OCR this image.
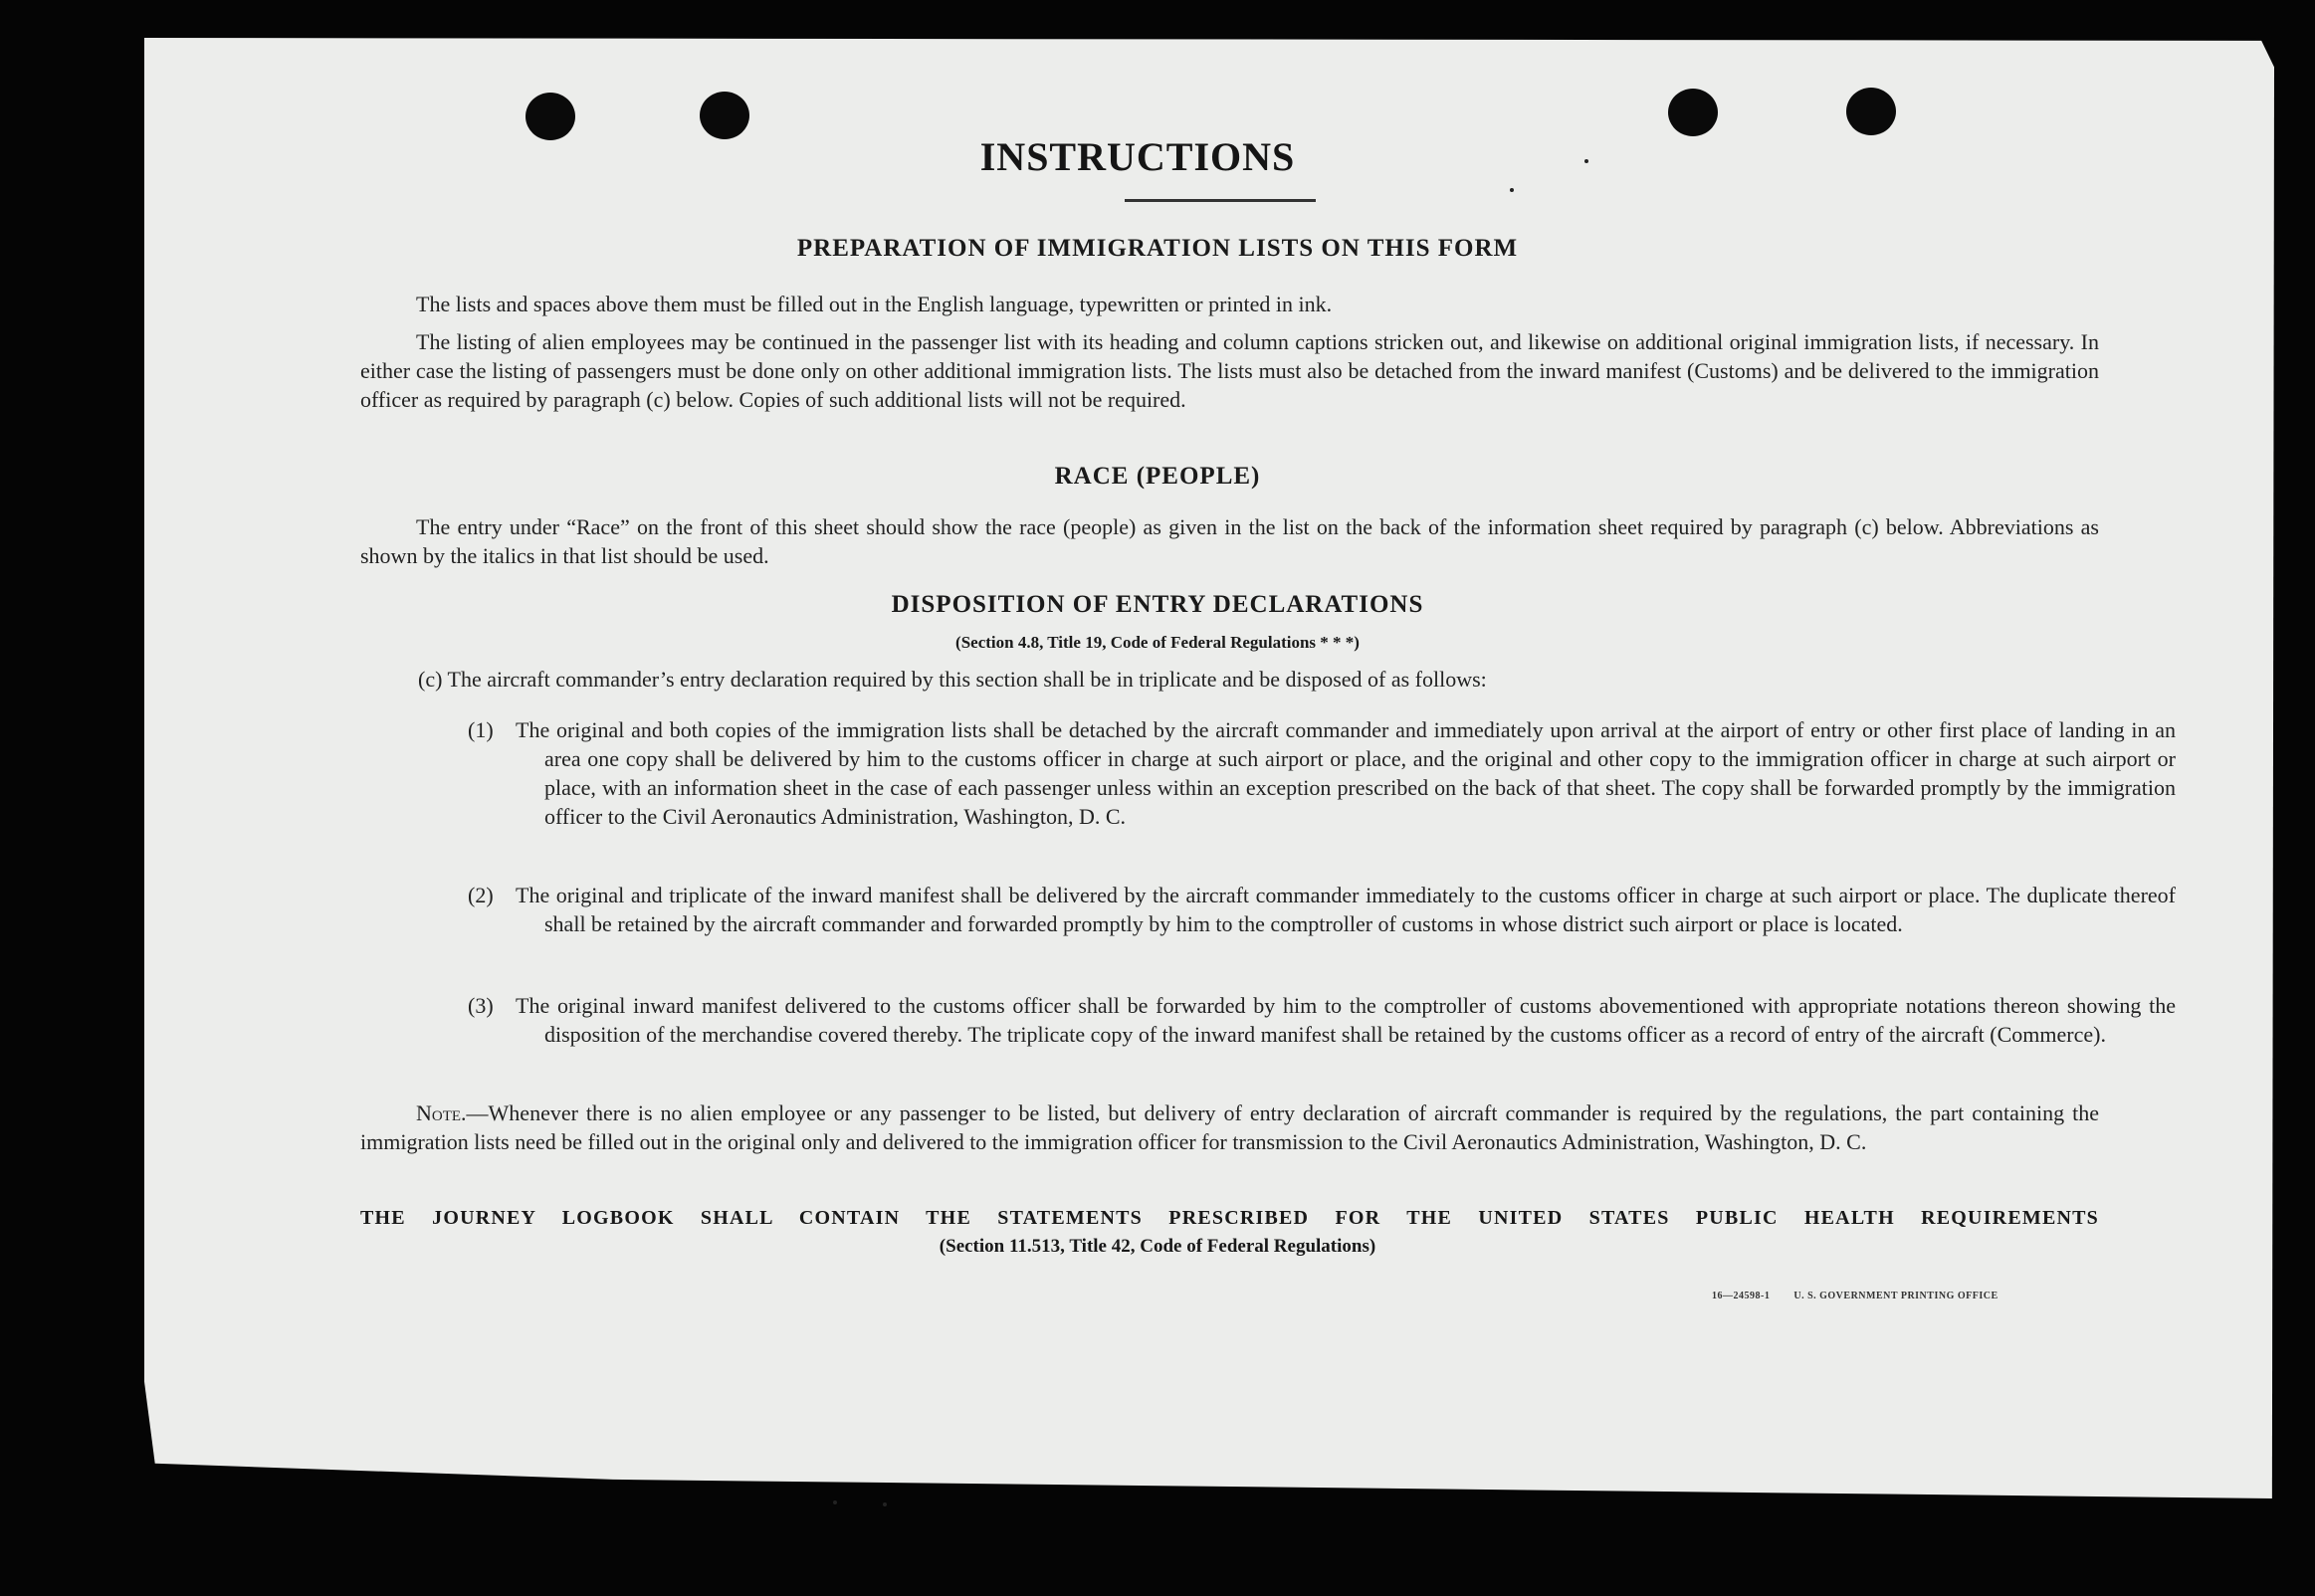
INSTRUCTIONS
PREPARATION OF IMMIGRATION LISTS ON THIS FORM

The lists and spaces above them must be filled out in the English language, typewritten or printed in ink.

The listing of alien employees may be continued in the passenger list with its heading and column captions stricken out, and likewise on additional original immigration lists, if necessary. In either case the listing of passengers must be done only on other additional immigration lists. The lists must also be detached from the inward manifest (Customs) and be delivered to the immigration officer as required by paragraph (c) below. Copies of such additional lists will not be required.

RACE (PEOPLE)

The entry under “Race” on the front of this sheet should show the race (people) as given in the list on the back of the information sheet required by paragraph (c) below. Abbreviations as shown by the italics in that list should be used.

DISPOSITION OF ENTRY DECLARATIONS
(Section 4.8, Title 19, Code of Federal Regulations * * *)

(c) The aircraft commander’s entry declaration required by this section shall be in triplicate and be disposed of as follows:

(1) The original and both copies of the immigration lists shall be detached by the aircraft commander and immediately upon arrival at the airport of entry or other first place of landing in an area one copy shall be delivered by him to the customs officer in charge at such airport or place, and the original and other copy to the immigration officer in charge at such airport or place, with an information sheet in the case of each passenger unless within an exception prescribed on the back of that sheet. The copy shall be forwarded promptly by the immigration officer to the Civil Aeronautics Administration, Washington, D. C.

(2) The original and triplicate of the inward manifest shall be delivered by the aircraft commander immediately to the customs officer in charge at such airport or place. The duplicate thereof shall be retained by the aircraft commander and forwarded promptly by him to the comptroller of customs in whose district such airport or place is located.

(3) The original inward manifest delivered to the customs officer shall be forwarded by him to the comptroller of customs abovementioned with appropriate notations thereon showing the disposition of the merchandise covered thereby. The triplicate copy of the inward manifest shall be retained by the customs officer as a record of entry of the aircraft (Commerce).

Note.—Whenever there is no alien employee or any passenger to be listed, but delivery of entry declaration of aircraft commander is required by the regulations, the part containing the immigration lists need be filled out in the original only and delivered to the immigration officer for transmission to the Civil Aeronautics Administration, Washington, D. C.

THE JOURNEY LOGBOOK SHALL CONTAIN THE STATEMENTS PRESCRIBED FOR THE UNITED STATES PUBLIC HEALTH REQUIREMENTS
(Section 11.513, Title 42, Code of Federal Regulations)
16—24598-1 U. S. GOVERNMENT PRINTING OFFICE
